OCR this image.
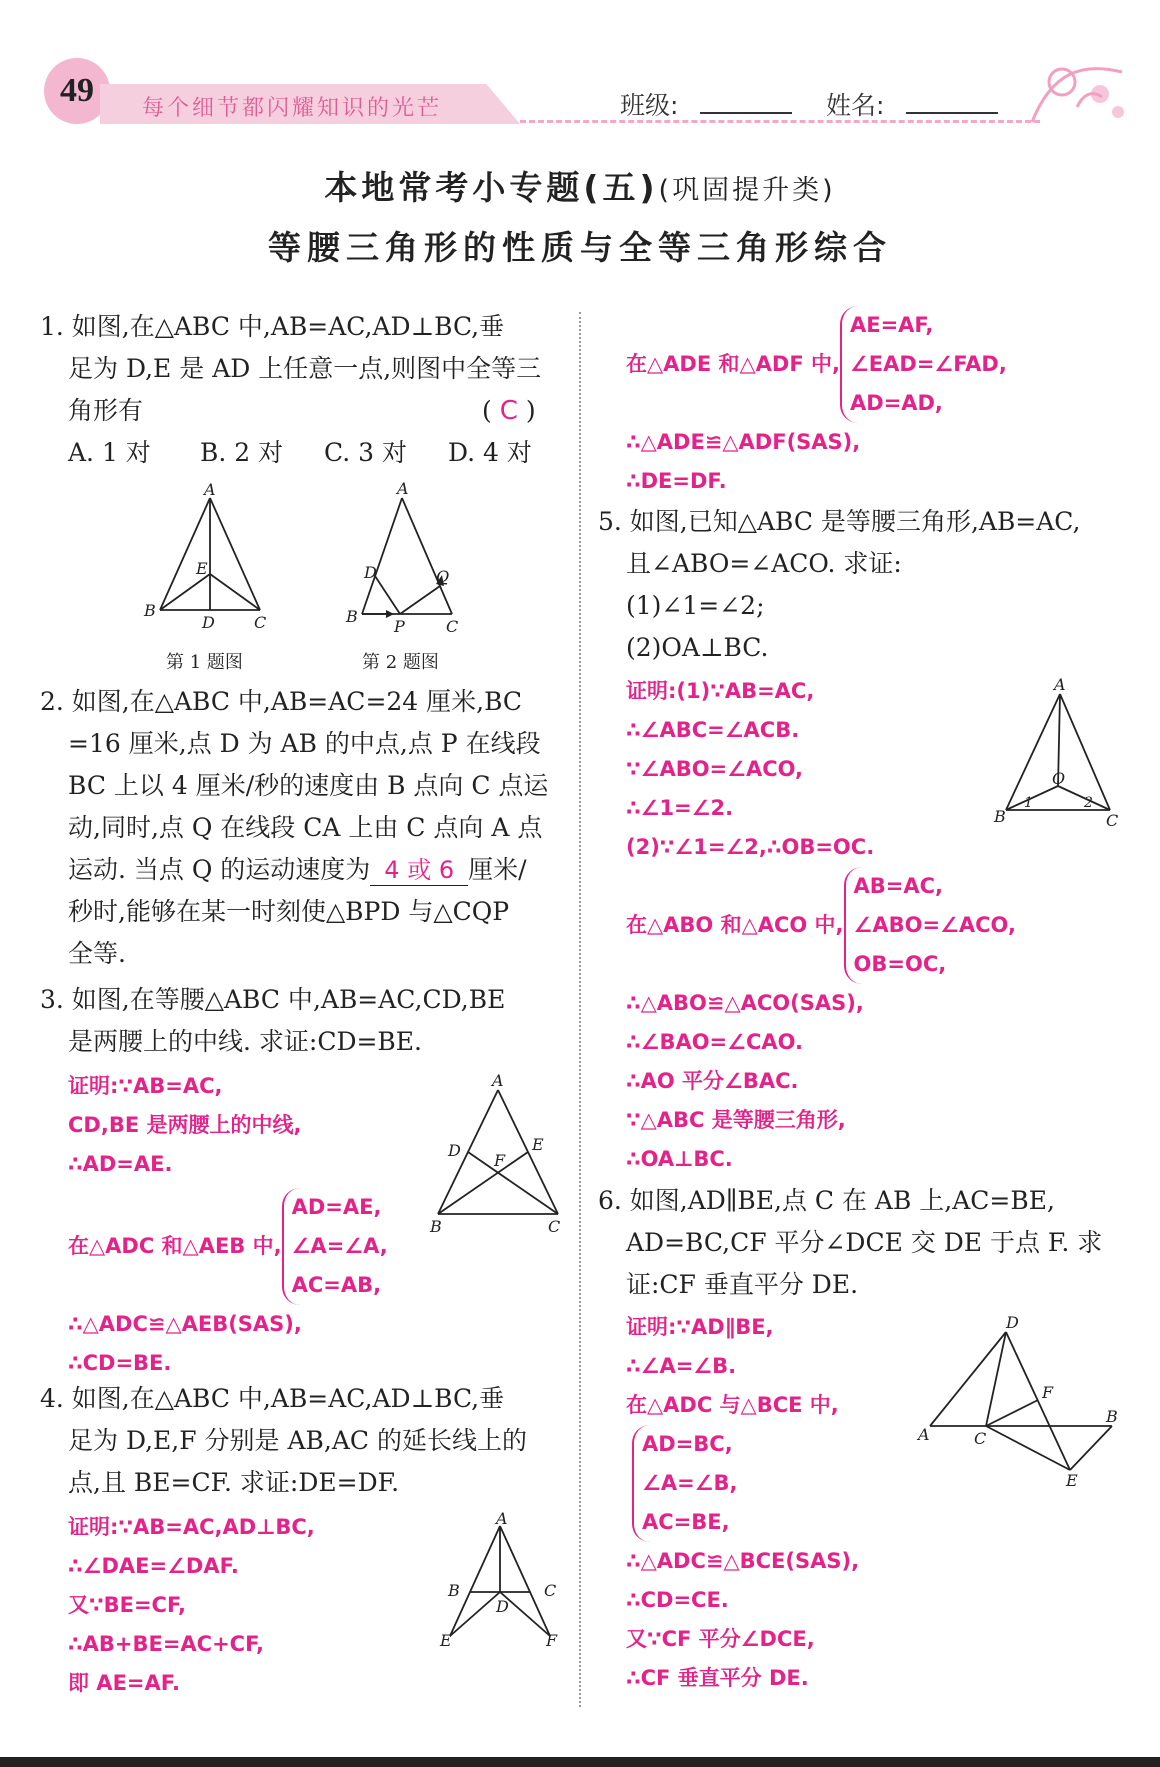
49 每个细节都闪耀知识的光芒	班级:	姓名:
本地常考小专题(五)(巩固提升类)
等腰三角形的性质与全等三角形综合
1. 如图,在△ABC 中,AB=AC,AD⊥BC,垂
足为 D,E 是 AD 上任意一点,则图中全等三
角形有	( C )
A. 1 对	B. 2 对	C. 3 对	D. 4 对
A
E
B
D C
第 1 题图
A
D	Q
B
P	C
第 2 题图
2. 如图,在△ABC 中,AB=AC=24 厘米,BC
=16 厘米,点 D 为 AB 的中点,点 P 在线段
BC 上以 4 厘米/秒的速度由 B 点向 C 点运
动,同时,点 Q 在线段 CA 上由 C 点向 A 点
运动. 当点 Q 的运动速度为 4 或 6 厘米/
秒时,能够在某一时刻使△BPD 与△CQP
全等.
3. 如图,在等腰△ABC 中,AB=AC,CD,BE
是两腰上的中线. 求证:CD=BE.
证明:∵AB=AC,
CD,BE 是两腰上的中线,
∴AD=AE.
在△ADC 和△AEB 中,
AD=AE,
∠A=∠A,
AC=AB,
∴△ADC≌△AEB(SAS),
∴CD=BE.
A
D
F
E
B	C
4. 如图,在△ABC 中,AB=AC,AD⊥BC,垂
足为 D,E,F 分别是 AB,AC 的延长线上的
点,且 BE=CF. 求证:DE=DF.
证明:∵AB=AC,AD⊥BC,
∴∠DAE=∠DAF.
又∵BE=CF,
∴AB+BE=AC+CF,
即 AE=AF.
A
B	C
D
E	F
在△ADE 和△ADF 中,
AE=AF,
∠EAD=∠FAD,
AD=AD,
∴△ADE≌△ADF(SAS),
∴DE=DF.
5. 如图,已知△ABC 是等腰三角形,AB=AC,
且∠ABO=∠ACO. 求证:
(1)∠1=∠2;
(2)OA⊥BC.
证明:(1)∵AB=AC,
∴∠ABC=∠ACB.
∵∠ABO=∠ACO,
∴∠1=∠2.
(2)∵∠1=∠2,∴OB=OC.
在△ABO 和△ACO 中,
AB=AC,
∠ABO=∠ACO,
OB=OC,
∴△ABO≌△ACO(SAS),
∴∠BAO=∠CAO.
∴AO 平分∠BAC.
∵△ABC 是等腰三角形,
∴OA⊥BC.
A
O
1	2
B	C
6. 如图,AD∥BE,点 C 在 AB 上,AC=BE,
AD=BC,CF 平分∠DCE 交 DE 于点 F. 求
证:CF 垂直平分 DE.
证明:∵AD∥BE,
∴∠A=∠B.
在△ADC 与△BCE 中,
AD=BC,
∠A=∠B,
AC=BE,
∴△ADC≌△BCE(SAS),
∴CD=CE.
又∵CF 平分∠DCE,
∴CF 垂直平分 DE.
D
F
B
A	C
E
